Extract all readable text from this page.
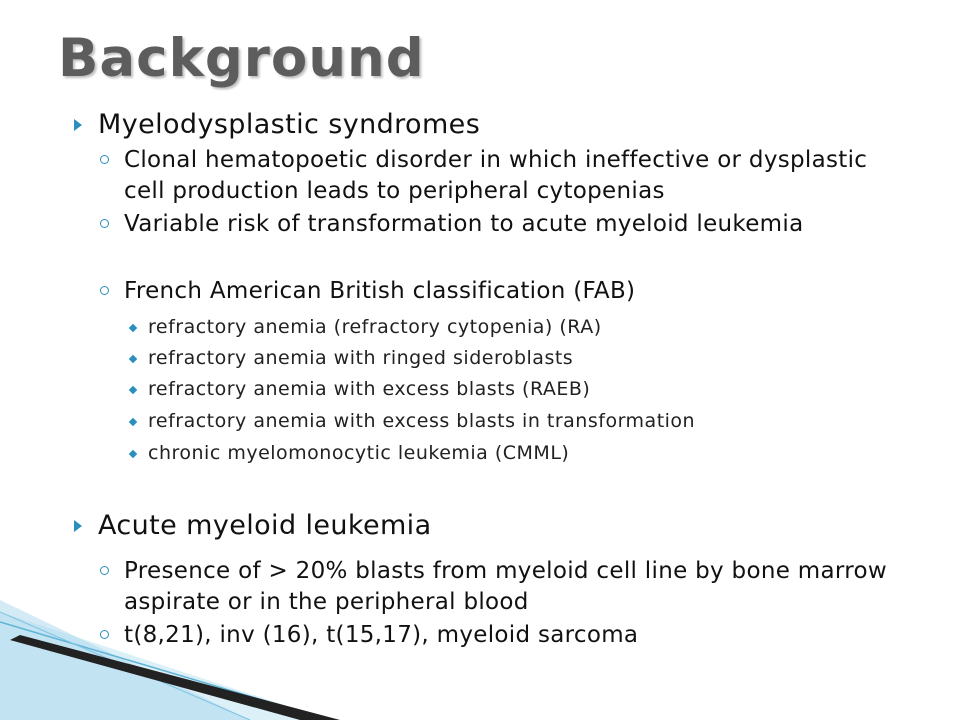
Background
Myelodysplastic syndromes
Clonal hematopoetic disorder in which ineffective or dysplastic cell production leads to peripheral cytopenias
Variable risk of transformation to acute myeloid leukemia
French American British classification (FAB)
refractory anemia (refractory cytopenia) (RA)
refractory anemia with ringed sideroblasts
refractory anemia with excess blasts (RAEB)
refractory anemia with excess blasts in transformation
chronic myelomonocytic leukemia (CMML)
Acute myeloid leukemia
Presence of > 20% blasts from myeloid cell line by bone marrow aspirate or in the peripheral blood
t(8,21), inv (16), t(15,17), myeloid sarcoma
